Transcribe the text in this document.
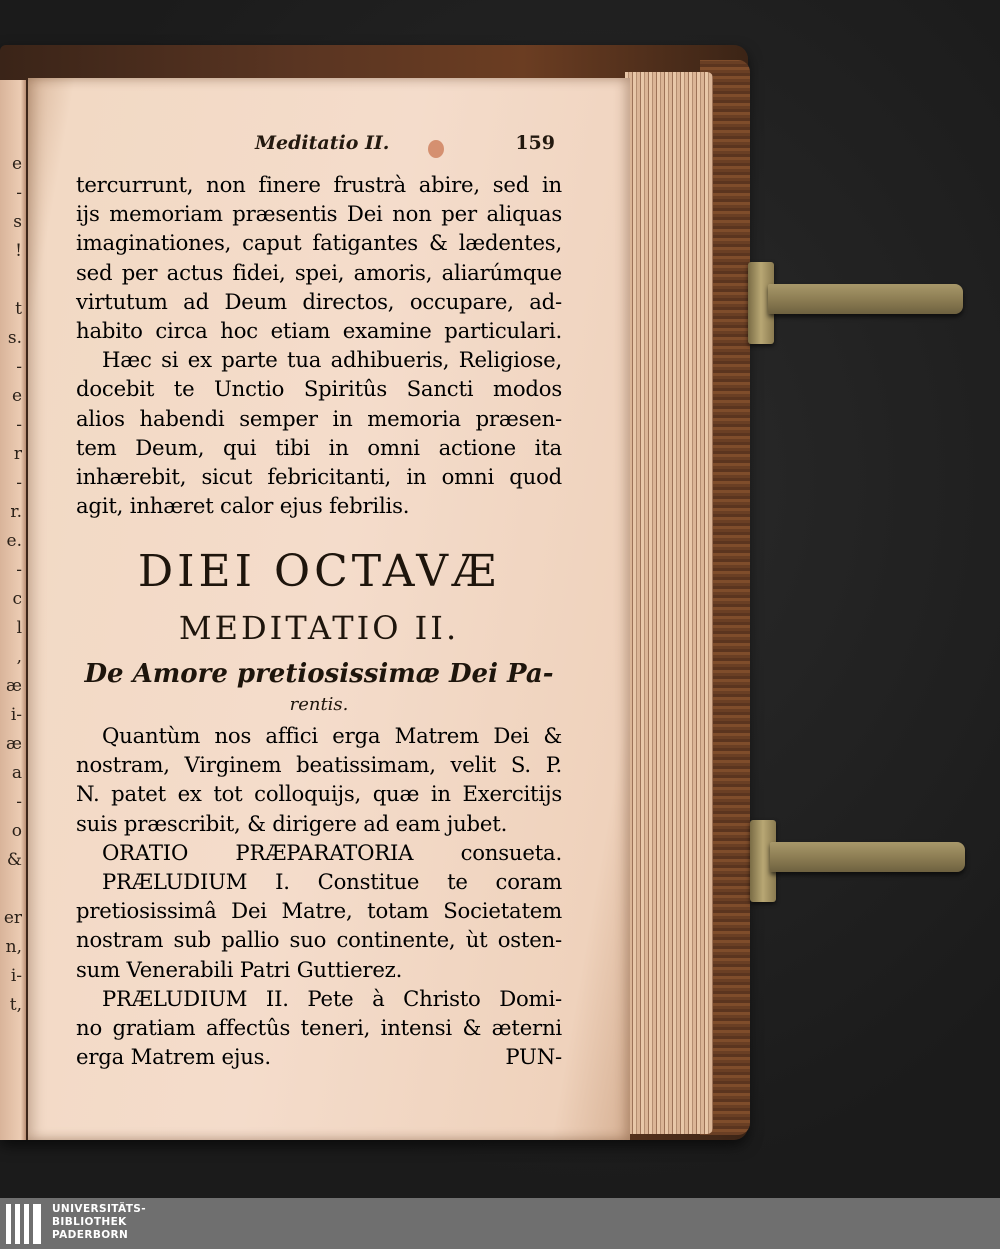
e
-
s
!

t
s.
-
e
-
r
-
r.
e.
-
c
l
,
æ
i-
æ
a
-
o
&

er
n,
i-
t,
Meditatio II.	159
tercurrunt, non finere frustrà abire, sed in
ijs memoriam præsentis Dei non per aliquas
imaginationes, caput fatigantes & lædentes,
sed per actus fidei, spei, amoris, aliarúmque
virtutum ad Deum directos, occupare, ad-
habito circa hoc etiam examine particulari.
Hæc si ex parte tua adhibueris, Religiose,
docebit te Unctio Spiritûs Sancti modos
alios habendi semper in memoria præsen-
tem Deum, qui tibi in omni actione ita
inhærebit, sicut febricitanti, in omni quod
agit, inhæret calor ejus febrilis.
DIEI OCTAVÆ
MEDITATIO II.
De Amore pretiosissimæ Dei Pa-
rentis.
Quantùm nos affici erga Matrem Dei &
nostram, Virginem beatissimam, velit S. P.
N. patet ex tot colloquijs, quæ in Exercitijs
suis præscribit, & dirigere ad eam jubet.
ORATIO PRÆPARATORIA consueta.
PRÆLUDIUM I. Constitue te coram
pretiosissimâ Dei Matre, totam Societatem
nostram sub pallio suo continente, ùt osten-
sum Venerabili Patri Guttierez.
PRÆLUDIUM II. Pete à Christo Domi-
no gratiam affectûs teneri, intensi & æterni
erga Matrem ejus.	PUN-
UNIVERSITÄTS-
BIBLIOTHEK
PADERBORN
